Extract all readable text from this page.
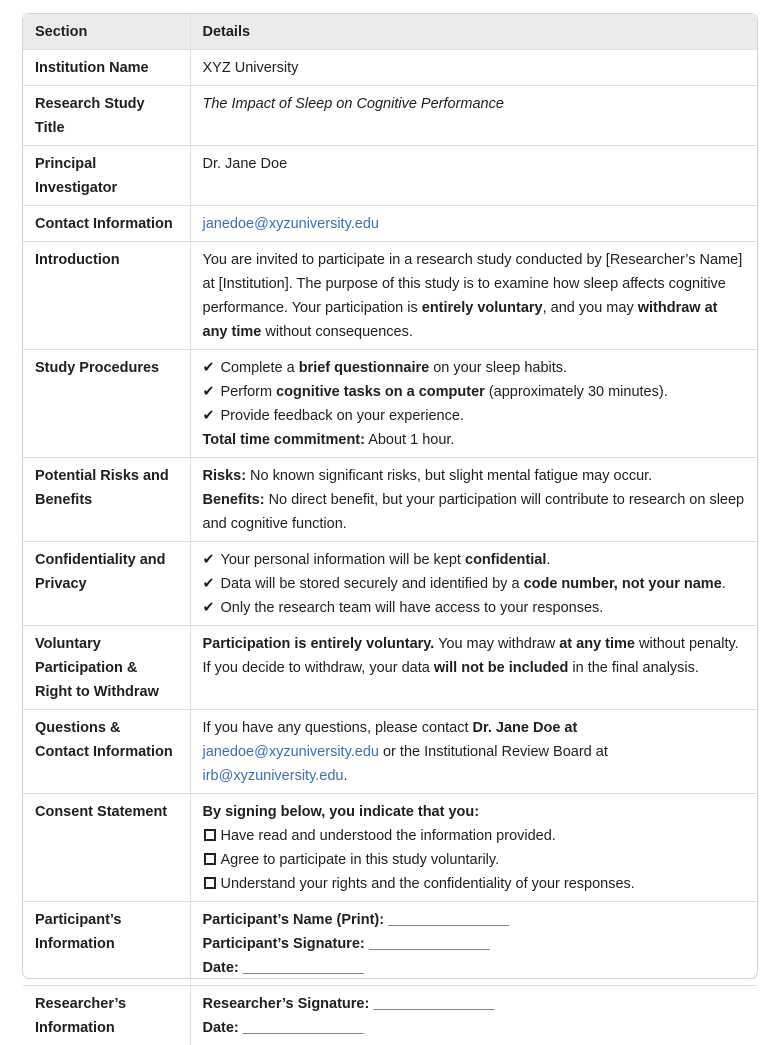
Section	Details
Institution Name	XYZ University
Research Study Title	The Impact of Sleep on Cognitive Performance
Principal Investigator	Dr. Jane Doe
Contact Information	janedoe@xyzuniversity.edu
Introduction	You are invited to participate in a research study conducted by [Researcher’s Name] at [Institution]. The purpose of this study is to examine how sleep affects cognitive performance. Your participation is entirely voluntary, and you may withdraw at any time without consequences.
Study Procedures	✔ Complete a brief questionnaire on your sleep habits.
✔ Perform cognitive tasks on a computer (approximately 30 minutes).
✔ Provide feedback on your experience.
Total time commitment: About 1 hour.

Potential Risks and Benefits	Risks: No known significant risks, but slight mental fatigue may occur.
Benefits: No direct benefit, but your participation will contribute to research on sleep and cognitive function.

Confidentiality and Privacy	✔ Your personal information will be kept confidential.
✔ Data will be stored securely and identified by a code number, not your name.
✔ Only the research team will have access to your responses.

Voluntary Participation & Right to Withdraw	Participation is entirely voluntary. You may withdraw at any time without penalty.
If you decide to withdraw, your data will not be included in the final analysis.

Questions & Contact Information	If you have any questions, please contact Dr. Jane Doe at
janedoe@xyzuniversity.edu or the Institutional Review Board at
irb@xyzuniversity.edu.
Consent Statement	By signing below, you indicate that you:
Have read and understood the information provided.
Agree to participate in this study voluntarily.
Understand your rights and the confidentiality of your responses.

Participant’s Information	Participant’s Name (Print): _______________
Participant’s Signature: _______________
Date: _______________

Researcher’s Information	Researcher’s Signature: _______________
Date: _______________
